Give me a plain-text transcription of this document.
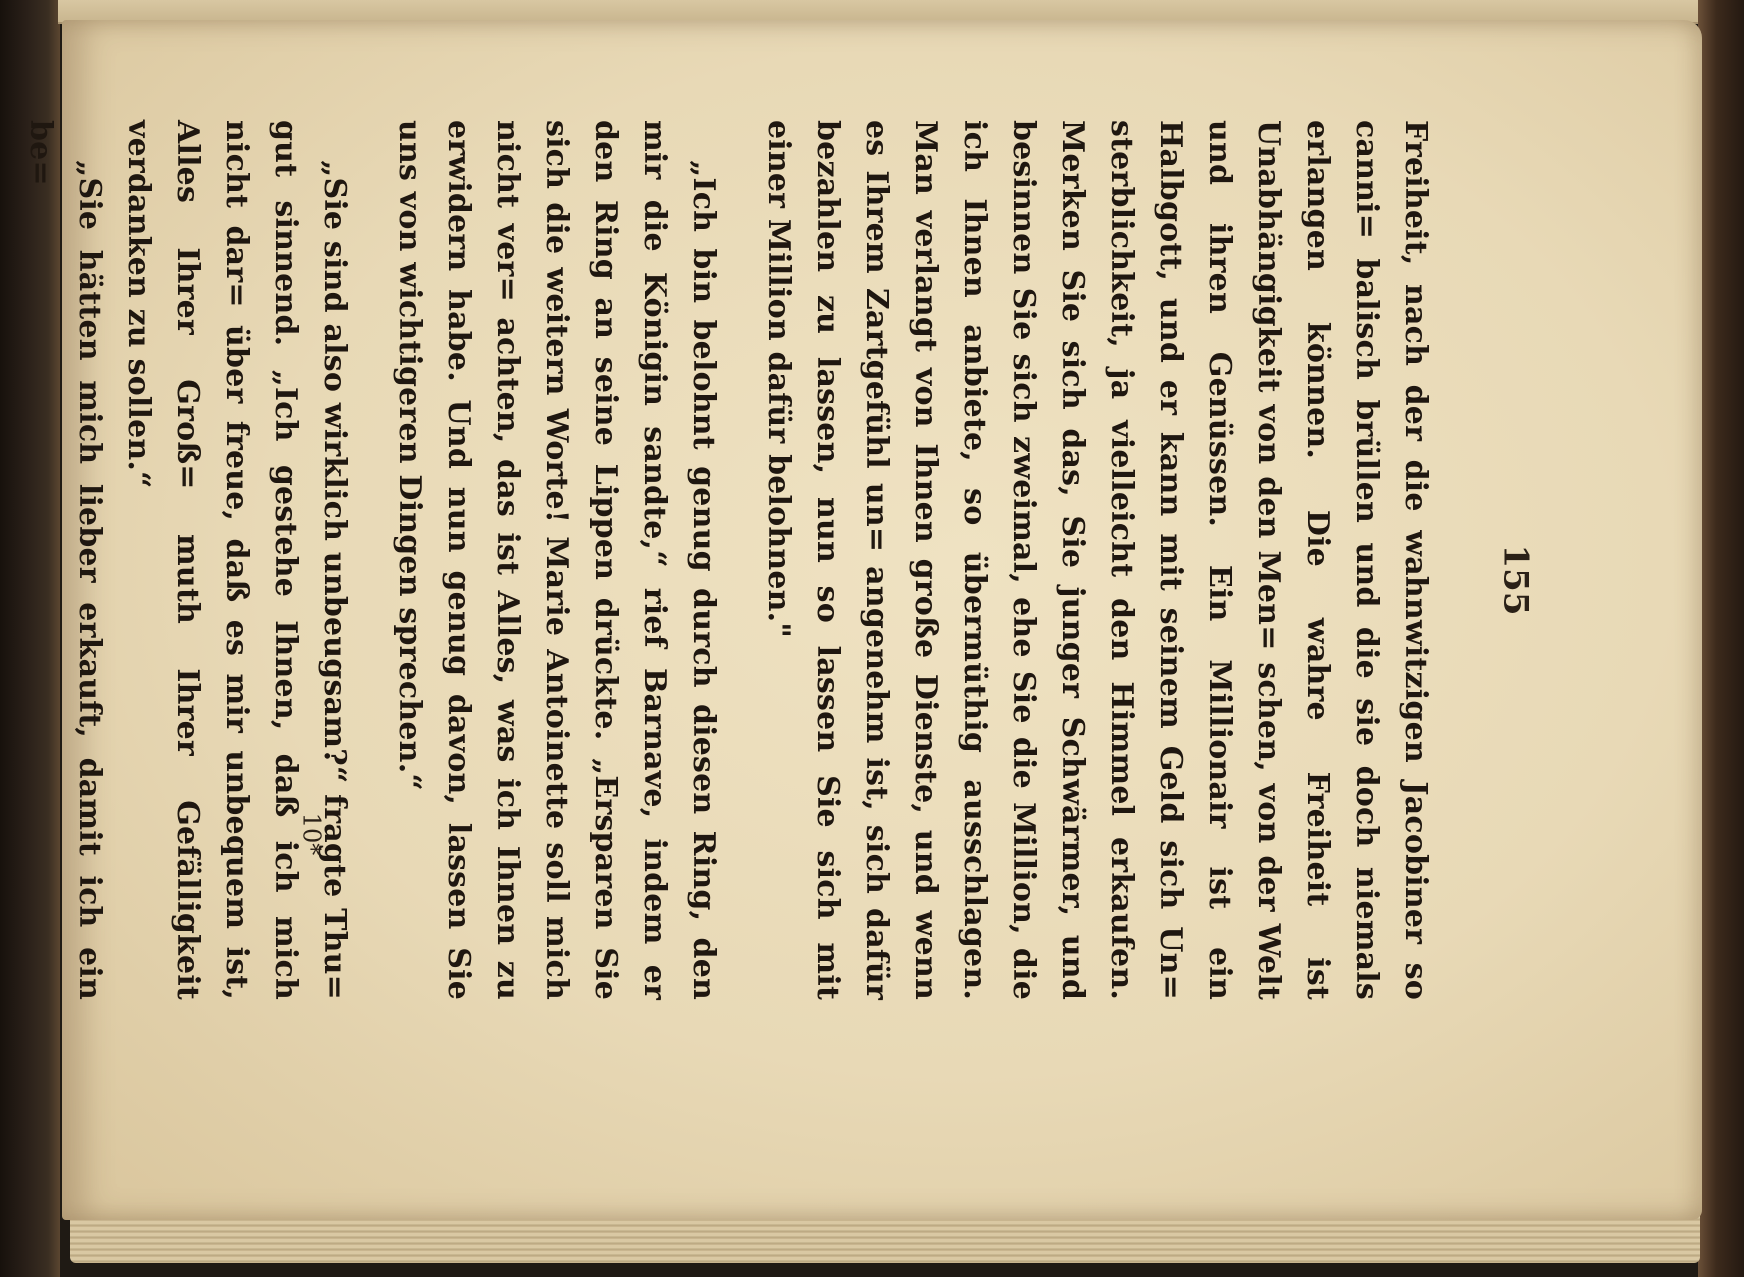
155

Freiheit, nach der die wahnwitzigen Jacobiner so canni= balisch brüllen und die sie doch niemals erlangen können. Die wahre Freiheit ist Unabhängigkeit von den Men= schen, von der Welt und ihren Genüssen. Ein Millionair ist ein Halbgott, und er kann mit seinem Geld sich Un= sterblichkeit, ja vielleicht den Himmel erkaufen. Merken Sie sich das, Sie junger Schwärmer, und besinnen Sie sich zweimal, ehe Sie die Million, die ich Ihnen anbiete, so übermüthig ausschlagen. Man verlangt von Ihnen große Dienste, und wenn es Ihrem Zartgefühl un= angenehm ist, sich dafür bezahlen zu lassen, nun so lassen Sie sich mit einer Million dafür belohnen."

„Ich bin belohnt genug durch diesen Ring, den mir die Königin sandte,“ rief Barnave, indem er den Ring an seine Lippen drückte. „Ersparen Sie sich die weitern Worte! Marie Antoinette soll mich nicht ver= achten, das ist Alles, was ich Ihnen zu erwidern habe. Und nun genug davon, lassen Sie uns von wichtigeren Dingen sprechen.“

„Sie sind also wirklich unbeugsam?“ fragte Thu= gut sinnend. „Ich gestehe Ihnen, daß ich mich nicht dar= über freue, daß es mir unbequem ist, Alles Ihrer Groß= muth Ihrer Gefälligkeit verdanken zu sollen.“

„Sie hätten mich lieber erkauft, damit ich ein be=

10*
